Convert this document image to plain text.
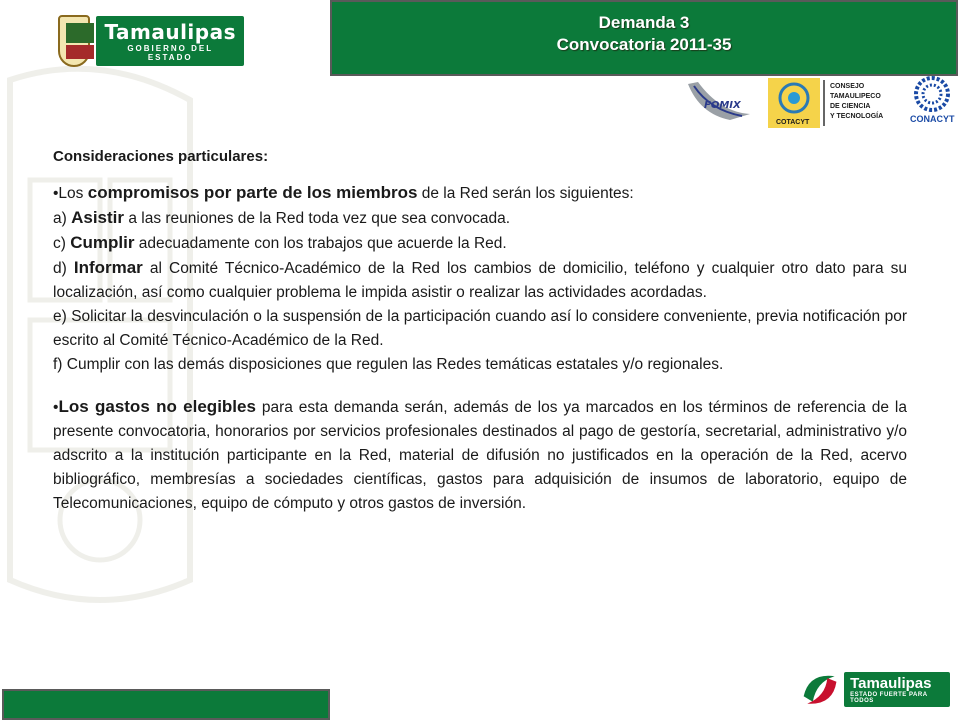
Tamaulipas
GOBIERNO DEL ESTADO
Demanda 3
Convocatoria 2011-35
FOMIX
COTACYT
CONSEJO
TAMAULIPECO
DE CIENCIA
Y TECNOLOGÍA	CONACYT

Consideraciones particulares:

•Los compromisos por parte de los miembros de la Red serán los siguientes:

a) Asistir a las reuniones de la Red toda vez que sea convocada.

c) Cumplir adecuadamente con los trabajos que acuerde la Red.

d) Informar al Comité Técnico-Académico de la Red los cambios de domicilio, teléfono y cualquier otro dato para su localización, así como cualquier problema le impida asistir o realizar las actividades acordadas.

e) Solicitar la desvinculación o la suspensión de la participación cuando así lo considere conveniente, previa notificación por escrito al Comité Técnico-Académico de la Red.

f) Cumplir con las demás disposiciones que regulen las Redes temáticas estatales y/o regionales.

•Los gastos no elegibles para esta demanda serán, además de los ya marcados en los términos de referencia de la presente convocatoria, honorarios por servicios profesionales destinados al pago de gestoría, secretarial, administrativo y/o adscrito a la institución participante en la Red, material de difusión no justificados en la operación de la Red, acervo bibliográfico, membresías a sociedades científicas, gastos para adquisición de insumos de laboratorio, equipo de Telecomunicaciones, equipo de cómputo y otros gastos de inversión.

Tamaulipas
ESTADO FUERTE PARA TODOS
